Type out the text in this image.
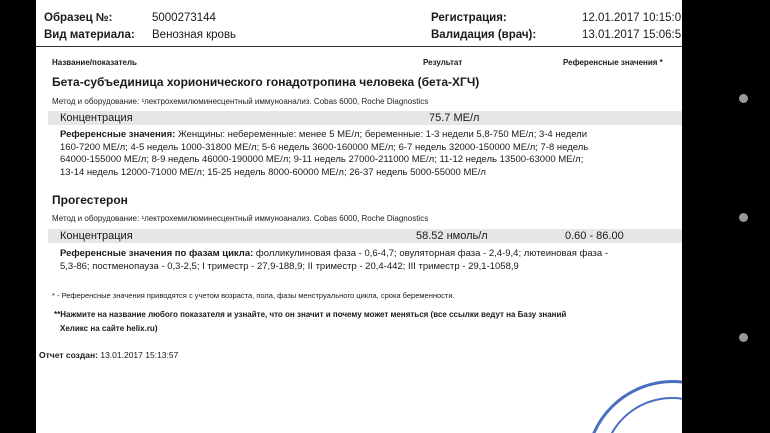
Образец №:	5000273144
Вид материала: Венозная кровь
Регистрация:	12.01.2017 10:15:0
Валидация (врач):	13.01.2017 15:06:5
Название/показатель	Результат	Референсные значения *
Бета-субъединица хорионического гонадотропина человека (бета-ХГЧ)
Метод и оборудование: ¹лектрохемилюминесцентный иммуноанализ. Cobas 6000, Roche Diagnostics
Концентрация	75.7 МЕ/л
Референсные значения: Женщины: небеременные: менее 5 МЕ/л; беременные: 1-3 недели 5,8-750 МЕ/л; 3-4 недели
160-7200 МЕ/л; 4-5 недель 1000-31800 МЕ/л; 5-6 недель 3600-160000 МЕ/л; 6-7 недель 32000-150000 МЕ/л; 7-8 недель
64000-155000 МЕ/л; 8-9 недель 46000-190000 МЕ/л; 9-11 недель 27000-211000 МЕ/л; 11-12 недель 13500-63000 МЕ/л;
13-14 недель 12000-71000 МЕ/л; 15-25 недель 8000-60000 МЕ/л; 26-37 недель 5000-55000 МЕ/л
Прогестерон
Метод и оборудование: ¹лектрохемилюминесцентный иммуноанализ. Cobas 6000, Roche Diagnostics
Концентрация	58.52 нмоль/л	0.60 - 86.00
Референсные значения по фазам цикла: фолликулиновая фаза - 0,6-4,7; овуляторная фаза - 2,4-9,4; лютеиновая фаза -
5,3-86; постменопауза - 0,3-2,5; I триместр - 27,9-188,9; II триместр - 20,4-442; III триместр - 29,1-1058,9
* - Референсные значения приводятся с учетом возраста, пола, фазы менструального цикла, срока беременности.
**Нажмите на название любого показателя и узнайте, что он значит и почему может меняться (все ссылки ведут на Базу знаний
Хеликс на сайте helix.ru)
Отчет создан: 13.01.2017 15:13:57
